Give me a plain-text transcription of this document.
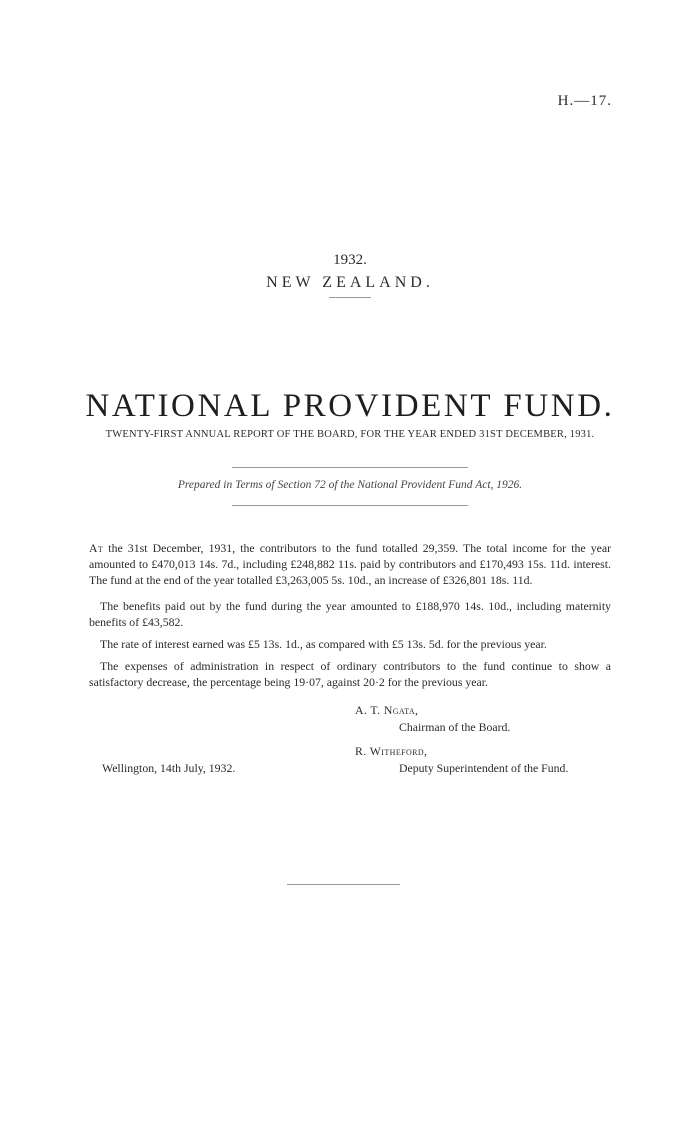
H.—17.
1932.
NEW ZEALAND.
NATIONAL PROVIDENT FUND.
TWENTY-FIRST ANNUAL REPORT OF THE BOARD, FOR THE YEAR ENDED 31ST DECEMBER, 1931.
Prepared in Terms of Section 72 of the National Provident Fund Act, 1926.
At the 31st December, 1931, the contributors to the fund totalled 29,359. The total income for the year amounted to £470,013 14s. 7d., including £248,882 11s. paid by contributors and £170,493 15s. 11d. interest. The fund at the end of the year totalled £3,263,005 5s. 10d., an increase of £326,801 18s. 11d.
The benefits paid out by the fund during the year amounted to £188,970 14s. 10d., including maternity benefits of £43,582.
The rate of interest earned was £5 13s. 1d., as compared with £5 13s. 5d. for the previous year.
The expenses of administration in respect of ordinary contributors to the fund continue to show a satisfactory decrease, the percentage being 19·07, against 20·2 for the previous year.
A. T. Ngata,
Chairman of the Board.
R. Witheford,
Deputy Superintendent of the Fund.
Wellington, 14th July, 1932.
